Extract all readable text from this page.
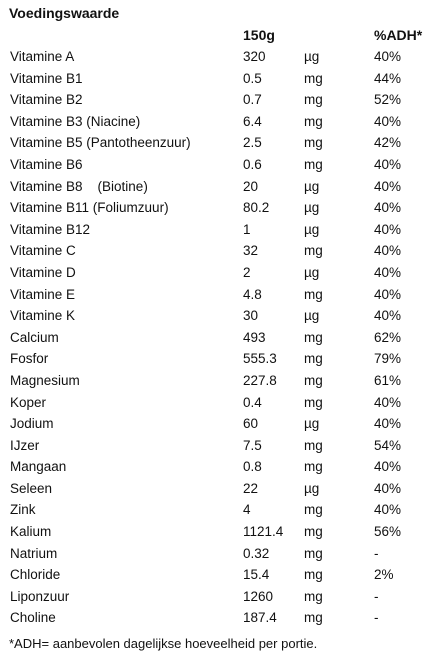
Voedingswaarde
150g	%ADH*
Vitamine A	320	µg	40%
Vitamine B1	0.5	mg	44%
Vitamine B2	0.7	mg	52%
Vitamine B3 (Niacine)	6.4	mg	40%
Vitamine B5 (Pantotheenzuur)	2.5	mg	42%
Vitamine B6	0.6	mg	40%
Vitamine B8    (Biotine)	20	µg	40%
Vitamine B11 (Foliumzuur)	80.2	µg	40%
Vitamine B12	1	µg	40%
Vitamine C	32	mg	40%
Vitamine D	2	µg	40%
Vitamine E	4.8	mg	40%
Vitamine K	30	µg	40%
Calcium	493	mg	62%
Fosfor	555.3 mg	79%
Magnesium	227.8 mg	61%
Koper	0.4	mg	40%
Jodium	60	µg	40%
IJzer	7.5	mg	54%
Mangaan	0.8	mg	40%
Seleen	22	µg	40%
Zink	4	mg	40%
Kalium	1121.4 mg	56%
Natrium	0.32	mg	-
Chloride	15.4	mg	2%
Liponzuur	1260 mg	-
Choline	187.4 mg	-
*ADH= aanbevolen dagelijkse hoeveelheid per portie.
